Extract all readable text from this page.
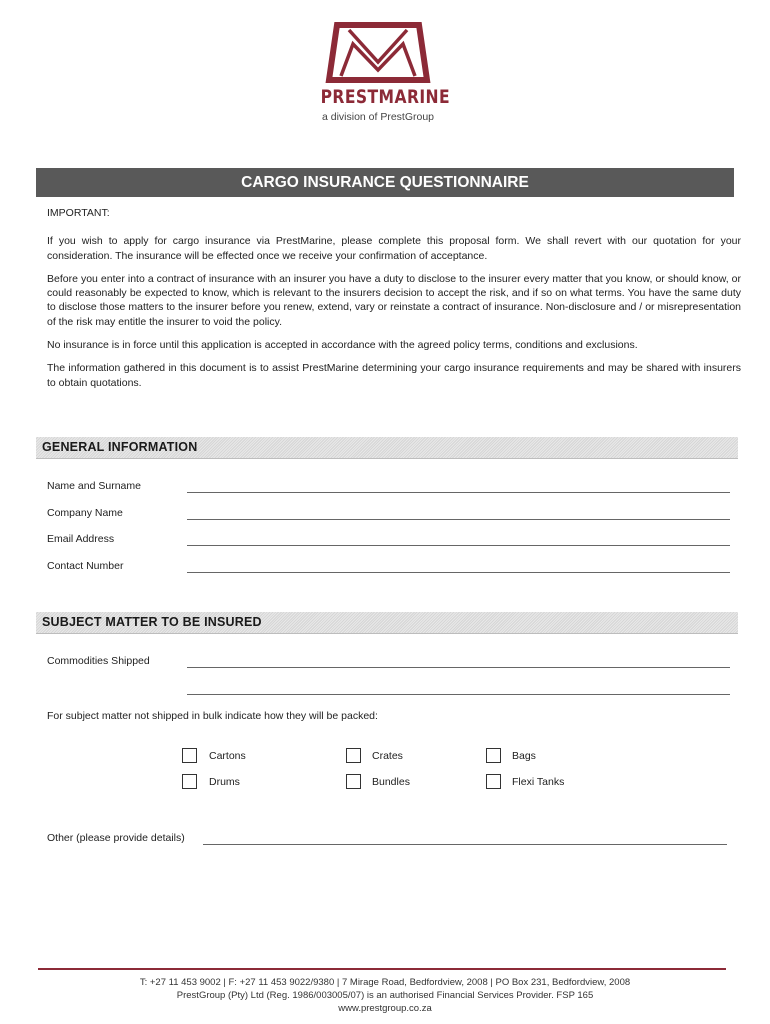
PRESTMARINE
a division of PrestGroup
CARGO INSURANCE QUESTIONNAIRE

IMPORTANT:

If you wish to apply for cargo insurance via PrestMarine, please complete this proposal form. We shall revert with our quotation for your consideration. The insurance will be effected once we receive your confirmation of acceptance.

Before you enter into a contract of insurance with an insurer you have a duty to disclose to the insurer every matter that you know, or should know, or could reasonably be expected to know, which is relevant to the insurers decision to accept the risk, and if so on what terms. You have the same duty to disclose those matters to the insurer before you renew, extend, vary or reinstate a contract of insurance. Non-disclosure and / or misrepresentation of the risk may entitle the insurer to void the policy.

No insurance is in force until this application is accepted in accordance with the agreed policy terms, conditions and exclusions.

The information gathered in this document is to assist PrestMarine determining your cargo insurance requirements and may be shared with insurers to obtain quotations.

GENERAL INFORMATION
Name and Surname
Company Name
Email Address
Contact Number
SUBJECT MATTER TO BE INSURED
Commodities Shipped
For subject matter not shipped in bulk indicate how they will be packed:
Cartons	Crates	Bags
Drums	Bundles	Flexi Tanks
Other (please provide details)
T: +27 11 453 9002 | F: +27 11 453 9022/9380 | 7 Mirage Road, Bedfordview, 2008 | PO Box 231, Bedfordview, 2008
PrestGroup (Pty) Ltd (Reg. 1986/003005/07) is an authorised Financial Services Provider. FSP 165
www.prestgroup.co.za
